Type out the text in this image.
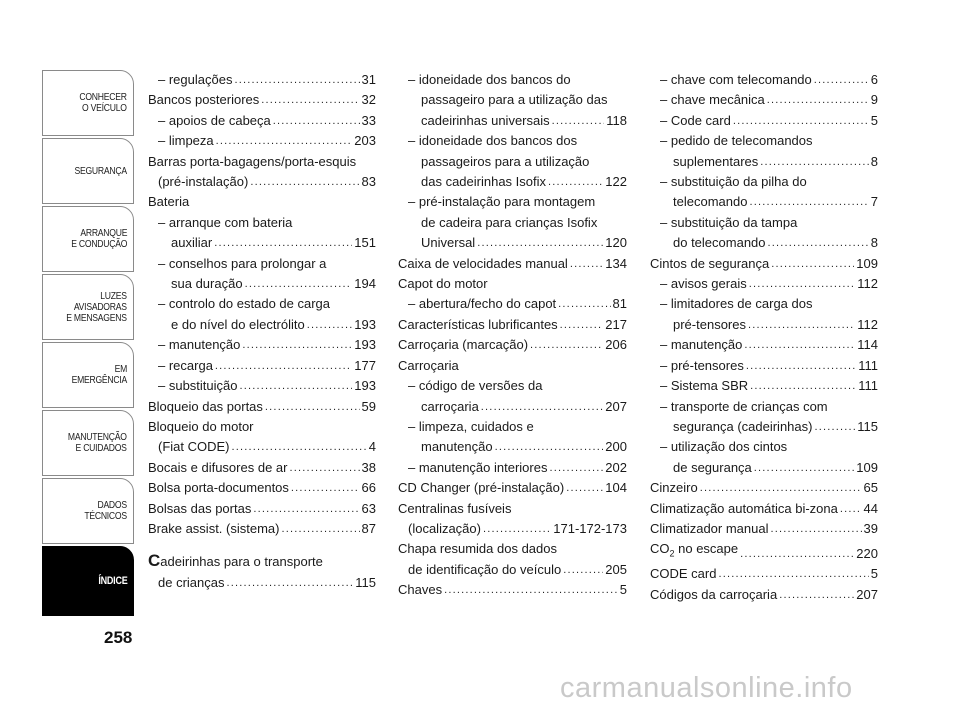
CONHECER
O VEÍCULO
SEGURANÇA
ARRANQUE
E CONDUÇÃO
LUZES
AVISADORAS
E MENSAGENS
EM EMERGÊNCIA
MANUTENÇÃO
E CUIDADOS
DADOS
TÉCNICOS
ÍNDICE
258
– regulações .....	31
Bancos posteriores .....	32
– apoios de cabeça .....	33
– limpeza .....	203
Barras porta-bagagens/porta-esquis
(pré-instalação) .....	83
Bateria
– arranque com bateria
auxiliar .....	151
– conselhos para prolongar a
sua duração .....	194
– controlo do estado de carga
e do nível do electrólito .....	193
– manutenção .....	193
– recarga .....	177
– substituição .....	193
Bloqueio das portas .....	59
Bloqueio do motor
(Fiat CODE) .....	4
Bocais e difusores de ar .....	38
Bolsa porta-documentos .....	66
Bolsas das portas .....	63
Brake assist. (sistema) .....	87
Cadeirinhas para o transporte
de crianças .....	115
– idoneidade dos bancos do
passageiro para a utilização das
cadeirinhas universais .....	118
– idoneidade dos bancos dos
passageiros para a utilização
das cadeirinhas Isofix .....	122
– pré-instalação para montagem
de cadeira para crianças Isofix
Universal .....	120
Caixa de velocidades manual .....	134
Capot do motor
– abertura/fecho do capot .....	81
Características lubrificantes .....	217
Carroçaria (marcação) .....	206
Carroçaria
– código de versões da
carroçaria .....	207
– limpeza, cuidados e
manutenção .....	200
– manutenção interiores .....	202
CD Changer (pré-instalação) .....	104
Centralinas fusíveis
(localização) .....	171-172-173
Chapa resumida dos dados
de identificação do veículo .....	205
Chaves .....	5
– chave com telecomando .....	6
– chave mecânica .....	9
– Code card .....	5
– pedido de telecomandos
suplementares .....	8
– substituição da pilha do
telecomando .....	7
– substituição da tampa
do telecomando .....	8
Cintos de segurança .....	109
– avisos gerais .....	112
– limitadores de carga dos
pré-tensores .....	112
– manutenção .....	114
– pré-tensores .....	111
– Sistema SBR .....	111
– transporte de crianças com
segurança (cadeirinhas) .....	115
– utilização dos cintos
de segurança .....	109
Cinzeiro .....	65
Climatização automática bi-zona ..... 44
Climatizador manual .....	39
$CO_2$ no escape .....	220
CODE card .....	5
Códigos da carroçaria .....	207
carmanualsonline.info
